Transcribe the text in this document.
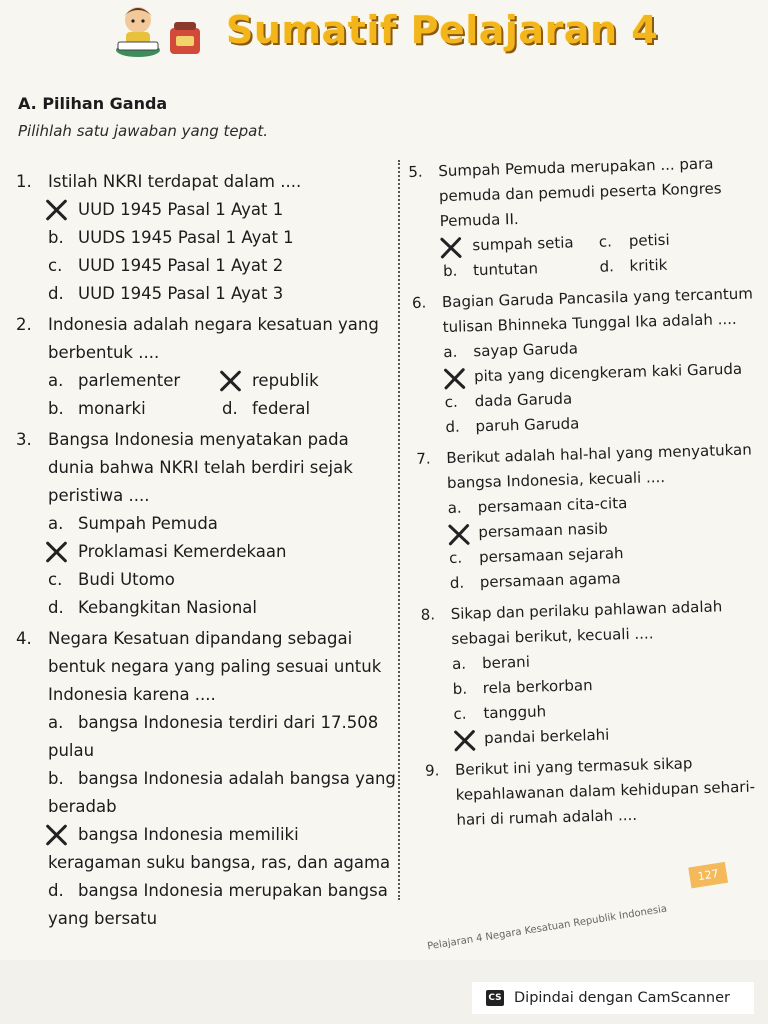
Sumatif Pelajaran 4
A. Pilihan Ganda
Pilihlah satu jawaban yang tepat.
1. Istilah NKRI terdapat dalam ....
UUD 1945 Pasal 1 Ayat 1
b. UUDS 1945 Pasal 1 Ayat 1
c. UUD 1945 Pasal 1 Ayat 2
d. UUD 1945 Pasal 1 Ayat 3
2. Indonesia adalah negara kesatuan yang berbentuk ....
a. parlementer	republik
b. monarki	d. federal
3. Bangsa Indonesia menyatakan pada dunia bahwa NKRI telah berdiri sejak peristiwa ....
a. Sumpah Pemuda
Proklamasi Kemerdekaan
c. Budi Utomo
d. Kebangkitan Nasional
4. Negara Kesatuan dipandang sebagai bentuk negara yang paling sesuai untuk Indonesia karena ....
a. bangsa Indonesia terdiri dari 17.508 pulau
b. bangsa Indonesia adalah bangsa yang beradab
bangsa Indonesia memiliki keragaman suku bangsa, ras, dan agama
d. bangsa Indonesia merupakan bangsa yang bersatu
5.	Sumpah Pemuda merupakan ... para pemuda dan pemudi peserta Kongres Pemuda II.
sumpah setia	c. petisi
b. tuntutan	d. kritik
6.	Bagian Garuda Pancasila yang tercantum tulisan Bhinneka Tunggal Ika adalah ....
a. sayap Garuda
pita yang dicengkeram kaki Garuda
c. dada Garuda
d. paruh Garuda
7.	Berikut adalah hal-hal yang menyatukan bangsa Indonesia, kecuali ....
a. persamaan cita-cita
persamaan nasib
c. persamaan sejarah
d. persamaan agama
8.	Sikap dan perilaku pahlawan adalah sebagai berikut, kecuali ....
a. berani
b. rela berkorban
c. tangguh
pandai berkelahi
9.	Berikut ini yang termasuk sikap kepahlawanan dalam kehidupan sehari-hari di rumah adalah ....
127
Pelajaran 4 Negara Kesatuan Republik Indonesia
CS Dipindai dengan CamScanner
